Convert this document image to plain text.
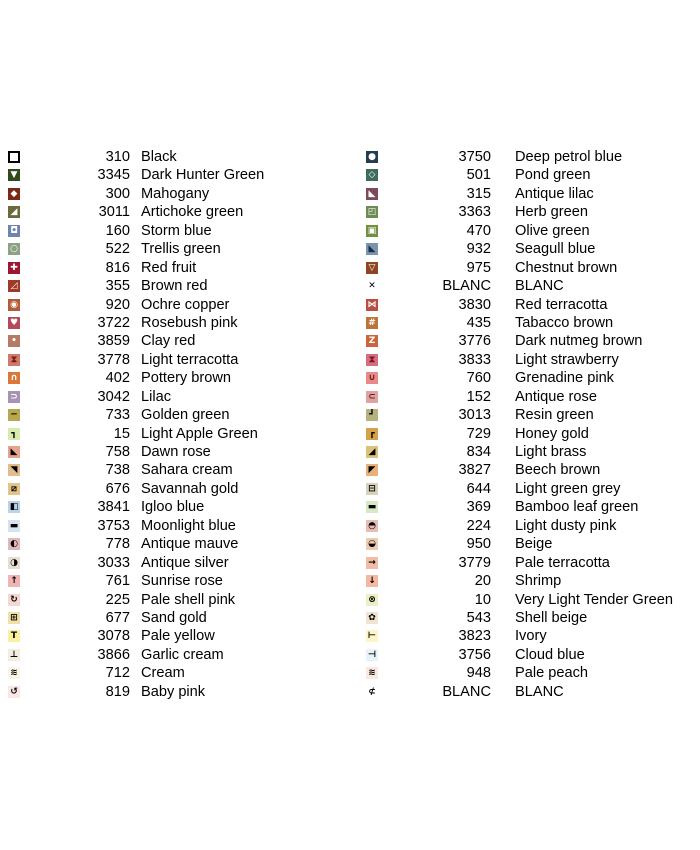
310 Black
▼	3345 Dark Hunter Green
◆	300 Mahogany
◢	3011 Artichoke green
◘	160 Storm blue
○	522 Trellis green
✚	816 Red fruit
◿	355 Brown red
◉	920 Ochre copper
♥	3722 Rosebush pink
•	3859 Clay red
⧗	3778 Light terracotta
∩	402 Pottery brown
⊃	3042 Lilac
━	733 Golden green
┓	15 Light Apple Green
◣	758 Dawn rose
◥	738 Sahara cream
⧄	676 Savannah gold
◧	3841 Igloo blue
▬	3753 Moonlight blue
◐	778 Antique mauve
◑	3033 Antique silver
↑	761 Sunrise rose
↻	225 Pale shell pink
⊞	677 Sand gold
T	3078 Pale yellow
⊥	3866 Garlic cream
≋	712 Cream
↺	819 Baby pink
●	3750 Deep petrol blue
◇	501 Pond green
◣	315 Antique lilac
◰	3363 Herb green
▣	470 Olive green
◣	932 Seagull blue
▽	975 Chestnut brown
✕	BLANC BLANC
⋈	3830 Red terracotta
#	435 Tabacco brown
Z	3776 Dark nutmeg brown
⧗	3833 Light strawberry
∪	760 Grenadine pink
⊂	152 Antique rose
┛	3013 Resin green
┏	729 Honey gold
◢	834 Light brass
◤	3827 Beech brown
⊟	644 Light green grey
▬	369 Bamboo leaf green
◓	224 Light dusty pink
◒	950 Beige
→	3779 Pale terracotta
↓	20 Shrimp
⊗	10 Very Light Tender Green
✿	543 Shell beige
⊢	3823 Ivory
⊣	3756 Cloud blue
≋	948 Pale peach
⊄	BLANC BLANC
